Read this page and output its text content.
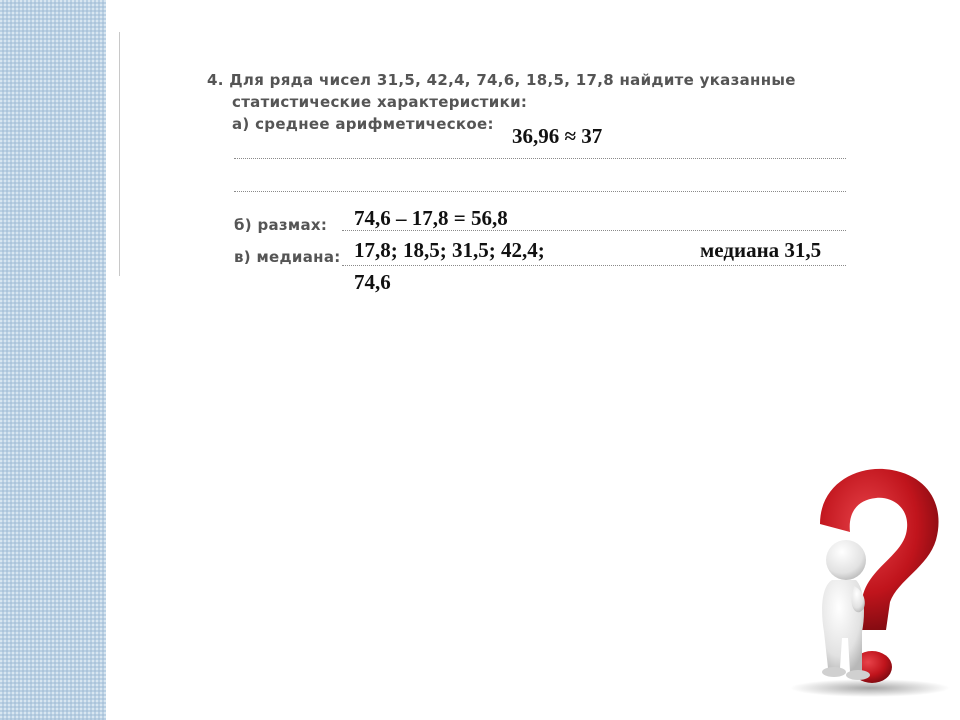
4. Для ряда чисел 31,5, 42,4, 74,6, 18,5, 17,8 найдите указанные
статистические характеристики:
а) среднее арифметическое:
б) размах:
в) медиана:
36,96 ≈ 37
74,6 – 17,8 = 56,8
17,8; 18,5; 31,5; 42,4;	медиана 31,5
74,6
